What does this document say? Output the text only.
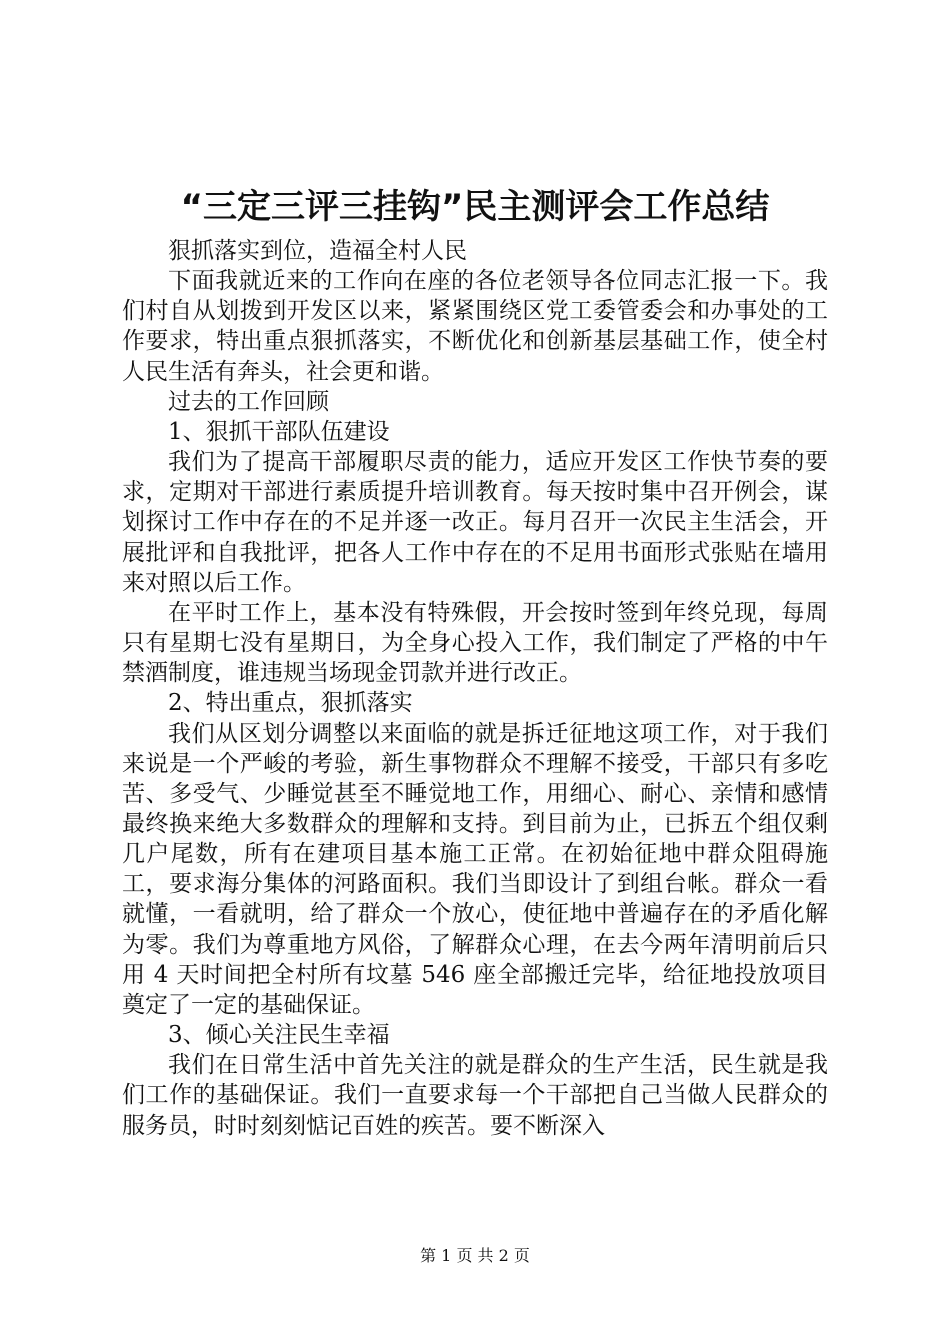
“三定三评三挂钩”民主测评会工作总结

狠抓落实到位，造福全村人民

下面我就近来的工作向在座的各位老领导各位同志汇报一下。我们村自从划拨到开发区以来，紧紧围绕区党工委管委会和办事处的工作要求，特出重点狠抓落实，不断优化和创新基层基础工作，使全村人民生活有奔头，社会更和谐。

过去的工作回顾

1、狠抓干部队伍建设

我们为了提高干部履职尽责的能力，适应开发区工作快节奏的要求，定期对干部进行素质提升培训教育。每天按时集中召开例会，谋划探讨工作中存在的不足并逐一改正。每月召开一次民主生活会，开展批评和自我批评，把各人工作中存在的不足用书面形式张贴在墙用来对照以后工作。

在平时工作上，基本没有特殊假，开会按时签到年终兑现，每周只有星期七没有星期日，为全身心投入工作，我们制定了严格的中午禁酒制度，谁违规当场现金罚款并进行改正。

2、特出重点，狠抓落实

我们从区划分调整以来面临的就是拆迁征地这项工作，对于我们来说是一个严峻的考验，新生事物群众不理解不接受，干部只有多吃苦、多受气、少睡觉甚至不睡觉地工作，用细心、耐心、亲情和感情最终换来绝大多数群众的理解和支持。到目前为止，已拆五个组仅剩几户尾数，所有在建项目基本施工正常。在初始征地中群众阻碍施工，要求海分集体的河路面积。我们当即设计了到组台帐。群众一看就懂，一看就明，给了群众一个放心，使征地中普遍存在的矛盾化解为零。我们为尊重地方风俗，了解群众心理，在去今两年清明前后只用 4 天时间把全村所有坟墓 546 座全部搬迁完毕，给征地投放项目奠定了一定的基础保证。

3、倾心关注民生幸福

我们在日常生活中首先关注的就是群众的生产生活，民生就是我们工作的基础保证。我们一直要求每一个干部把自己当做人民群众的服务员，时时刻刻惦记百姓的疾苦。要不断深入

第 1 页 共 2 页
